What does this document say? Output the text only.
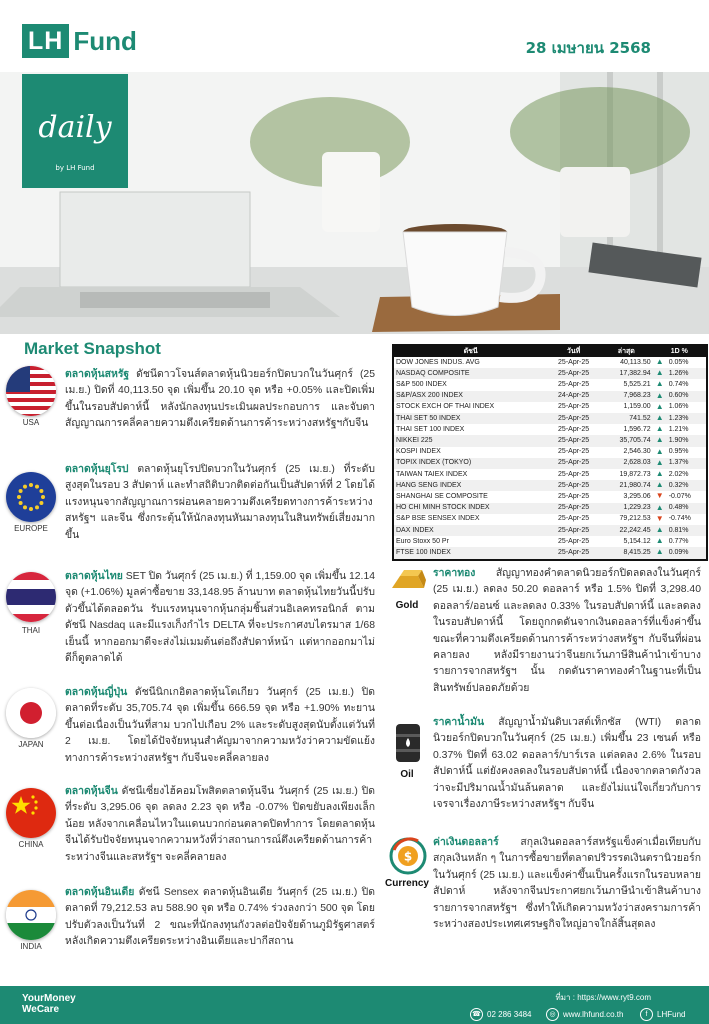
LH Fund	28 เมษายน 2568
daily
by LH Fund
Market Snapshot
USA
ตลาดหุ้นสหรัฐ ดัชนีดาวโจนส์ตลาดหุ้นนิวยอร์กปิดบวกในวันศุกร์ (25 เม.ย.) ปิดที่ 40,113.50 จุด เพิ่มขึ้น 20.10 จุด หรือ +0.05% และปิดเพิ่มขึ้นในรอบสัปดาห์นี้ หลังนักลงทุนประเมินผลประกอบการ และจับตาสัญญาณการคลี่คลายความตึงเครียดด้านการค้าระหว่างสหรัฐฯกับจีน
EUROPE
ตลาดหุ้นยุโรป ตลาดหุ้นยุโรปปิดบวกในวันศุกร์ (25 เม.ย.) ที่ระดับสูงสุดในรอบ 3 สัปดาห์ และทำสถิติบวกติดต่อกันเป็นสัปดาห์ที่ 2 โดยได้แรงหนุนจากสัญญาณการผ่อนคลายความตึงเครียดทางการค้าระหว่างสหรัฐฯ และจีน ซึ่งกระตุ้นให้นักลงทุนหันมาลงทุนในสินทรัพย์เสี่ยงมากขึ้น
THAI
ตลาดหุ้นไทย SET ปิด วันศุกร์ (25 เม.ย.) ที่ 1,159.00 จุด เพิ่มขึ้น 12.14 จุด (+1.06%) มูลค่าซื้อขาย 33,148.95 ล้านบาท ตลาดหุ้นไทยวันนี้ปรับตัวขึ้นได้ตลอดวัน รับแรงหนุนจากหุ้นกลุ่มชิ้นส่วนอิเลคทรอนิกส์ ตามดัชนี Nasdaq และมีแรงเก็งกำไร DELTA ที่จะประกาศงบไตรมาส 1/68 เย็นนี้ หากออกมาดีจะส่งไม่เมมต้นต่อถึงสัปดาห์หน้า แต่หากออกมาไม่ดีก็ดูตลาดได้
JAPAN
ตลาดหุ้นญี่ปุ่น ดัชนีนิกเกอิตลาดหุ้นโตเกียว วันศุกร์ (25 เม.ย.) ปิดตลาดที่ระดับ 35,705.74 จุด เพิ่มขึ้น 666.59 จุด หรือ +1.90% ทะยานขึ้นต่อเนื่องเป็นวันที่สาม บวกไปเกือบ 2% และระดับสูงสุดนับตั้งแต่วันที่ 2 เม.ย. โดยได้ปัจจัยหนุนสำคัญมาจากความหวังว่าความขัดแย้งทางการค้าระหว่างสหรัฐฯ กับจีนจะคลี่คลายลง
CHINA
ตลาดหุ้นจีน ดัชนีเซี่ยงไฮ้คอมโพสิตตลาดหุ้นจีน วันศุกร์ (25 เม.ย.) ปิดที่ระดับ 3,295.06 จุด ลดลง 2.23 จุด หรือ -0.07% ปิดขยับลงเพียงเล็กน้อย หลังจากเคลื่อนไหวในแดนบวกก่อนตลาดปิดทำการ โดยตลาดหุ้นจีนได้รับปัจจัยหนุนจากความหวังที่ว่าสถานการณ์ตึงเครียดด้านการค้าระหว่างจีนและสหรัฐฯ จะคลี่คลายลง
INDIA
ตลาดหุ้นอินเดีย ดัชนี Sensex ตลาดหุ้นอินเดีย วันศุกร์ (25 เม.ย.) ปิดตลาดที่ 79,212.53 ลบ 588.90 จุด หรือ 0.74% ร่วงลงกว่า 500 จุด โดยปรับตัวลงเป็นวันที่ 2 ขณะที่นักลงทุนกังวลต่อปัจจัยด้านภูมิรัฐศาสตร์ หลังเกิดความตึงเครียดระหว่างอินเดียและปากีสถาน
ดัชนี	วันที่	ล่าสุด	1D %	
DOW JONES INDUS. AVG	25-Apr-25	40,113.50	▲	0.05%
NASDAQ COMPOSITE	25-Apr-25	17,382.94	▲	1.26%
S&P 500 INDEX	25-Apr-25	5,525.21	▲	0.74%
S&P/ASX 200 INDEX	24-Apr-25	7,968.23	▲	0.60%
STOCK EXCH OF THAI INDEX	25-Apr-25	1,159.00	▲	1.06%
THAI SET 50 INDEX	25-Apr-25	741.52	▲	1.23%
THAI SET 100 INDEX	25-Apr-25	1,596.72	▲	1.21%
NIKKEI 225	25-Apr-25	35,705.74	▲	1.90%
KOSPI INDEX	25-Apr-25	2,546.30	▲	0.95%
TOPIX INDEX (TOKYO)	25-Apr-25	2,628.03	▲	1.37%
TAIWAN TAIEX INDEX	25-Apr-25	19,872.73	▲	2.02%
HANG SENG INDEX	25-Apr-25	21,980.74	▲	0.32%
SHANGHAI SE COMPOSITE	25-Apr-25	3,295.06	▼	-0.07%
HO CHI MINH STOCK INDEX	25-Apr-25	1,229.23	▲	0.48%
S&P BSE SENSEX INDEX	25-Apr-25	79,212.53	▼	-0.74%
DAX INDEX	25-Apr-25	22,242.45	▲	0.81%
Euro Stoxx 50 Pr	25-Apr-25	5,154.12	▲	0.77%
FTSE 100 INDEX	25-Apr-25	8,415.25	▲	0.09%
Gold
ราคาทอง สัญญาทองคำตลาดนิวยอร์กปิดลดลงในวันศุกร์ (25 เม.ย.) ลดลง 50.20 ดอลลาร์ หรือ 1.5% ปิดที่ 3,298.40 ดอลลาร์/ออนซ์ และลดลง 0.33% ในรอบสัปดาห์นี้ และลดลงในรอบสัปดาห์นี้ โดยถูกกดดันจากเงินดอลลาร์ที่แข็งค่าขึ้น ขณะที่ความตึงเครียดด้านการค้าระหว่างสหรัฐฯ กับจีนที่ผ่อนคลายลง หลังมีรายงานว่าจีนยกเว้นภาษีสินค้านำเข้าบางรายการจากสหรัฐฯ นั้น กดดันราคาทองคำในฐานะที่เป็นสินทรัพย์ปลอดภัยด้วย
Oil
ราคาน้ำมัน สัญญาน้ำมันดิบเวสต์เท็กซัส (WTI) ตลาดนิวยอร์กปิดบวกในวันศุกร์ (25 เม.ย.) เพิ่มขึ้น 23 เซนต์ หรือ 0.37% ปิดที่ 63.02 ดอลลาร์/บาร์เรล แต่ลดลง 2.6% ในรอบสัปดาห์นี้ แต่ยังคงลดลงในรอบสัปดาห์นี้ เนื่องจากตลาดกังวลว่าจะมีปริมาณน้ำมันล้นตลาด และยังไม่แน่ใจเกี่ยวกับการเจรจาเรื่องภาษีระหว่างสหรัฐฯ กับจีน
$
Currency
ค่าเงินดอลลาร์ สกุลเงินดอลลาร์สหรัฐแข็งค่าเมื่อเทียบกับสกุลเงินหลัก ๆ ในการซื้อขายที่ตลาดปริวรรตเงินตรานิวยอร์กในวันศุกร์ (25 เม.ย.) และแข็งค่าขึ้นเป็นครั้งแรกในรอบหลายสัปดาห์ หลังจากจีนประกาศยกเว้นภาษีนำเข้าสินค้าบางรายการจากสหรัฐฯ ซึ่งทำให้เกิดความหวังว่าสงครามการค้าระหว่างสองประเทศเศรษฐกิจใหญ่อาจใกล้สิ้นสุดลง
YourMoney
WeCare
ที่มา : https://www.ryt9.com
☎ 02 286 3484	◎ www.lhfund.co.th	f	LHFund
